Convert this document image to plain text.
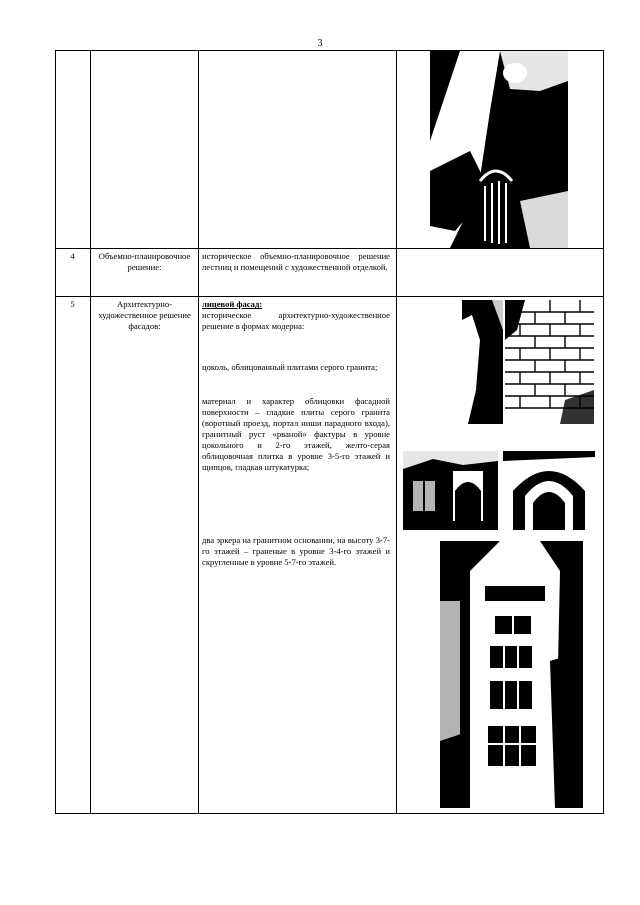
3
4	Объемно-планировочное решение:
историческое объемно-планировочное решение лестниц и помещений с художественной отделкой.
5	Архитектурно-художественное решение фасадов:
лицевой фасад:
историческое архитектурно-художественное решение в формах модерна:
цоколь, облицованный плитами серого гранита;
материал и характер облицовки фасадной поверхности – гладкие плиты серого гранита (воротный проезд, портал ниши парадного входа), гранитный руст «рваной» фактуры в уровне цокольного и 2-го этажей, желто-серая облицовочная плитка в уровне 3-5-го этажей и щипцов, гладкая штукатурка;
два эркера на гранитном основании, на высоту 3-7-го этажей – граненые в уровне 3-4-го этажей и скругленные в уровне 5-7-го этажей.
